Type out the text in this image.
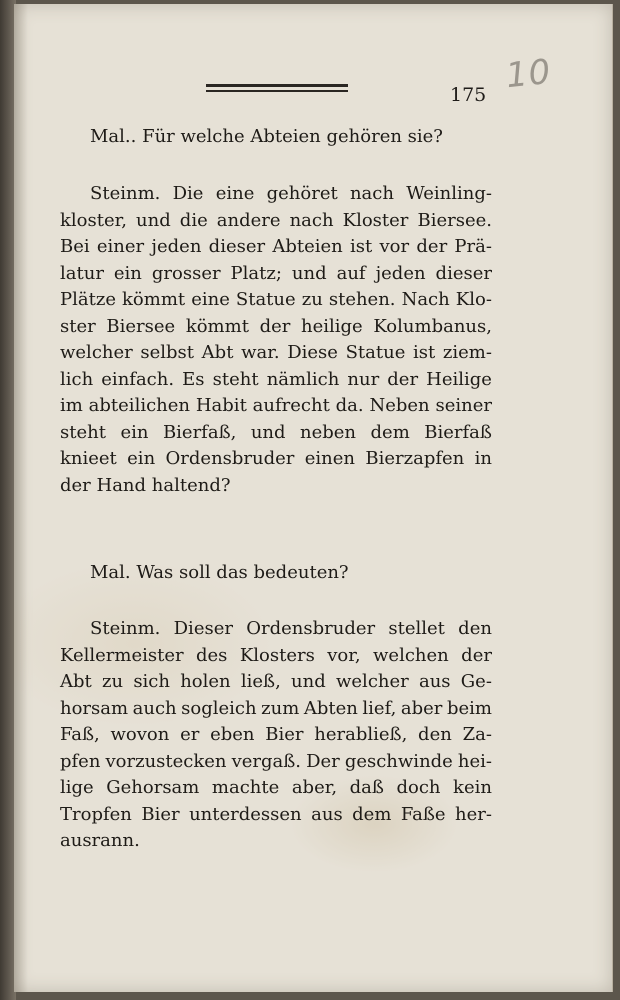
175 10
Mal.. Für welche Abteien gehören sie?
Steinm. Die eine gehöret nach Weinling-
kloster, und die andere nach Kloster Biersee.
Bei einer jeden dieser Abteien ist vor der Prä-
latur ein grosser Platz; und auf jeden dieser
Plätze kömmt eine Statue zu stehen. Nach Klo-
ster Biersee kömmt der heilige Kolumbanus,
welcher selbst Abt war. Diese Statue ist ziem-
lich einfach. Es steht nämlich nur der Heilige
im abteilichen Habit aufrecht da. Neben seiner
steht ein Bierfaß, und neben dem Bierfaß
knieet ein Ordensbruder einen Bierzapfen in
der Hand haltend?
Mal. Was soll das bedeuten?
Steinm. Dieser Ordensbruder stellet den
Kellermeister des Klosters vor, welchen der
Abt zu sich holen ließ, und welcher aus Ge-
horsam auch sogleich zum Abten lief, aber beim
Faß, wovon er eben Bier herabließ, den Za-
pfen vorzustecken vergaß. Der geschwinde hei-
lige Gehorsam machte aber, daß doch kein
Tropfen Bier unterdessen aus dem Faße her-
ausrann.
